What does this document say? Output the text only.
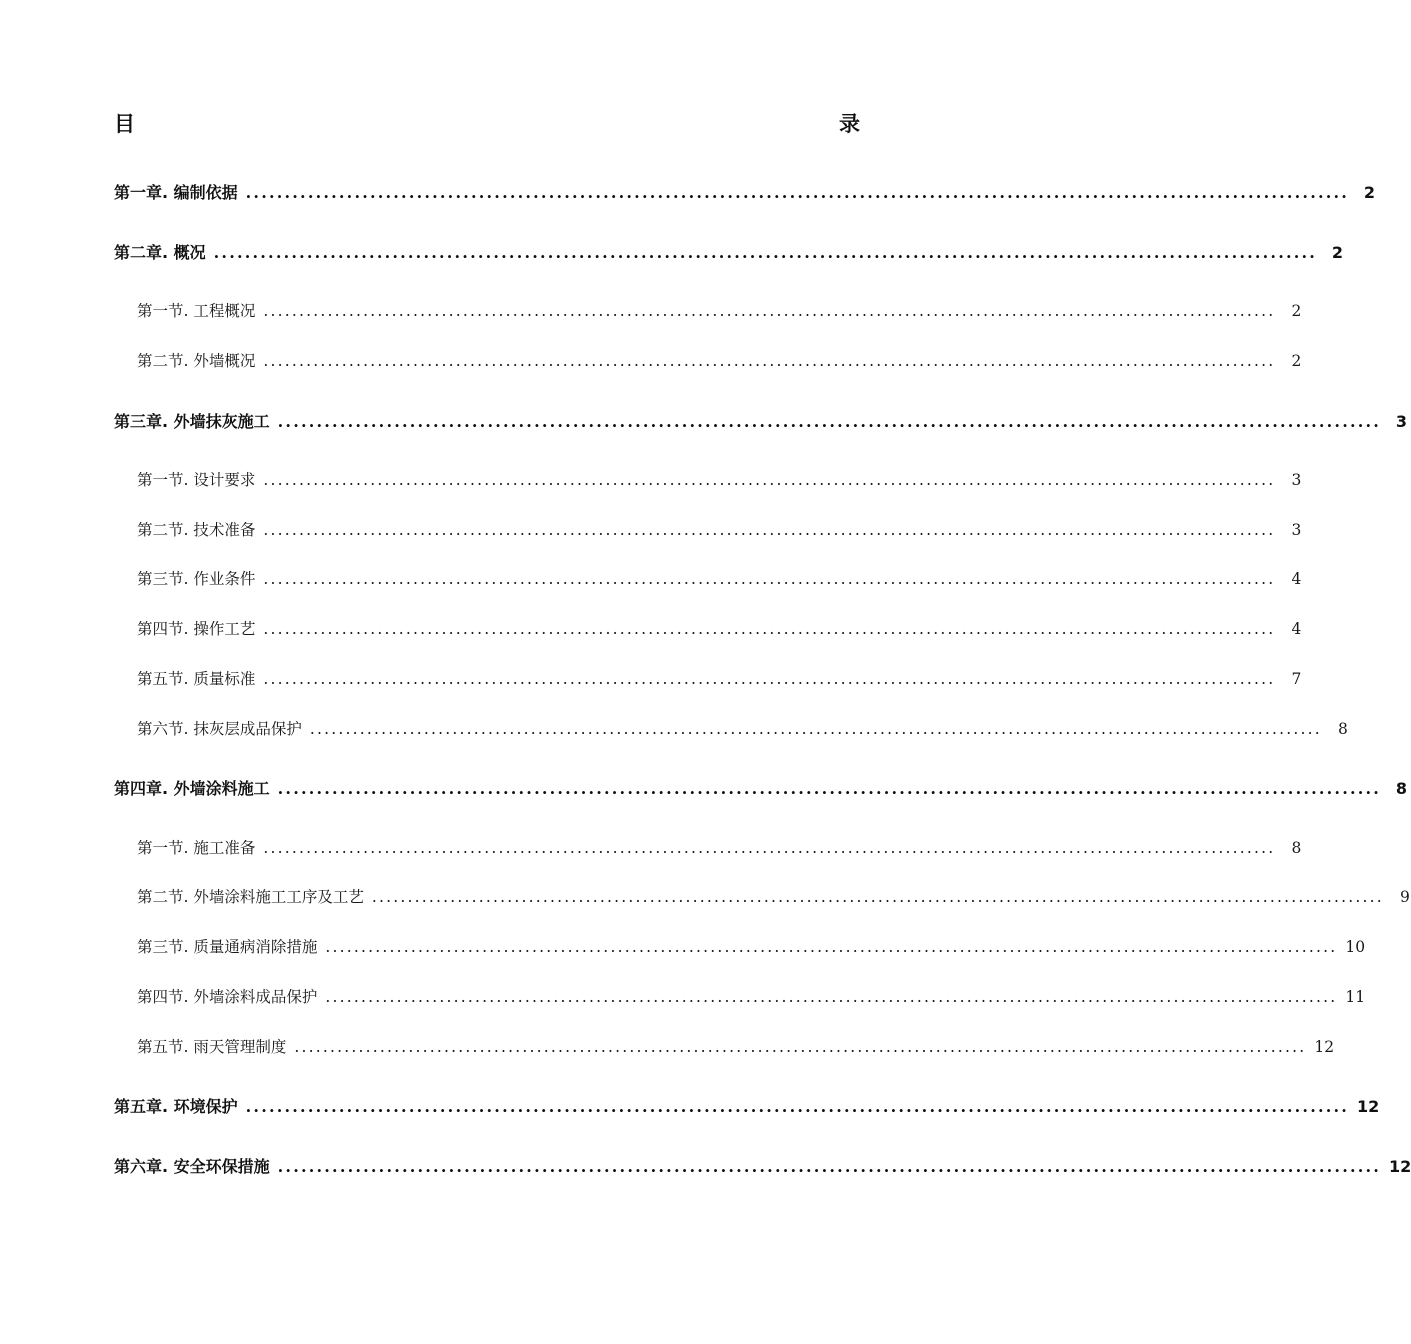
目	录
第一章. 编制依据 .............................................................................................................................................. 2
第二章. 概况 .............................................................................................................................................. 2
第一节. 工程概况 ..............................................................................................................................................	2
第二节. 外墙概况 ..............................................................................................................................................	2
第三章. 外墙抹灰施工 .............................................................................................................................................. 3
第一节. 设计要求 ..............................................................................................................................................	3
第二节. 技术准备 ..............................................................................................................................................	3
第三节. 作业条件 ..............................................................................................................................................	4
第四节. 操作工艺 ..............................................................................................................................................	4
第五节. 质量标准 ..............................................................................................................................................	7
第六节. 抹灰层成品保护 ..............................................................................................................................................	8
第四章. 外墙涂料施工 .............................................................................................................................................. 8
第一节. 施工准备 ..............................................................................................................................................	8
第二节. 外墙涂料施工工序及工艺 ..............................................................................................................................................	9
第三节. 质量通病消除措施 .............................................................................................................................................. 10
第四节. 外墙涂料成品保护 .............................................................................................................................................. 11
第五节. 雨天管理制度 .............................................................................................................................................. 12
第五章. 环境保护 .............................................................................................................................................. 12
第六章. 安全环保措施 .............................................................................................................................................. 12
